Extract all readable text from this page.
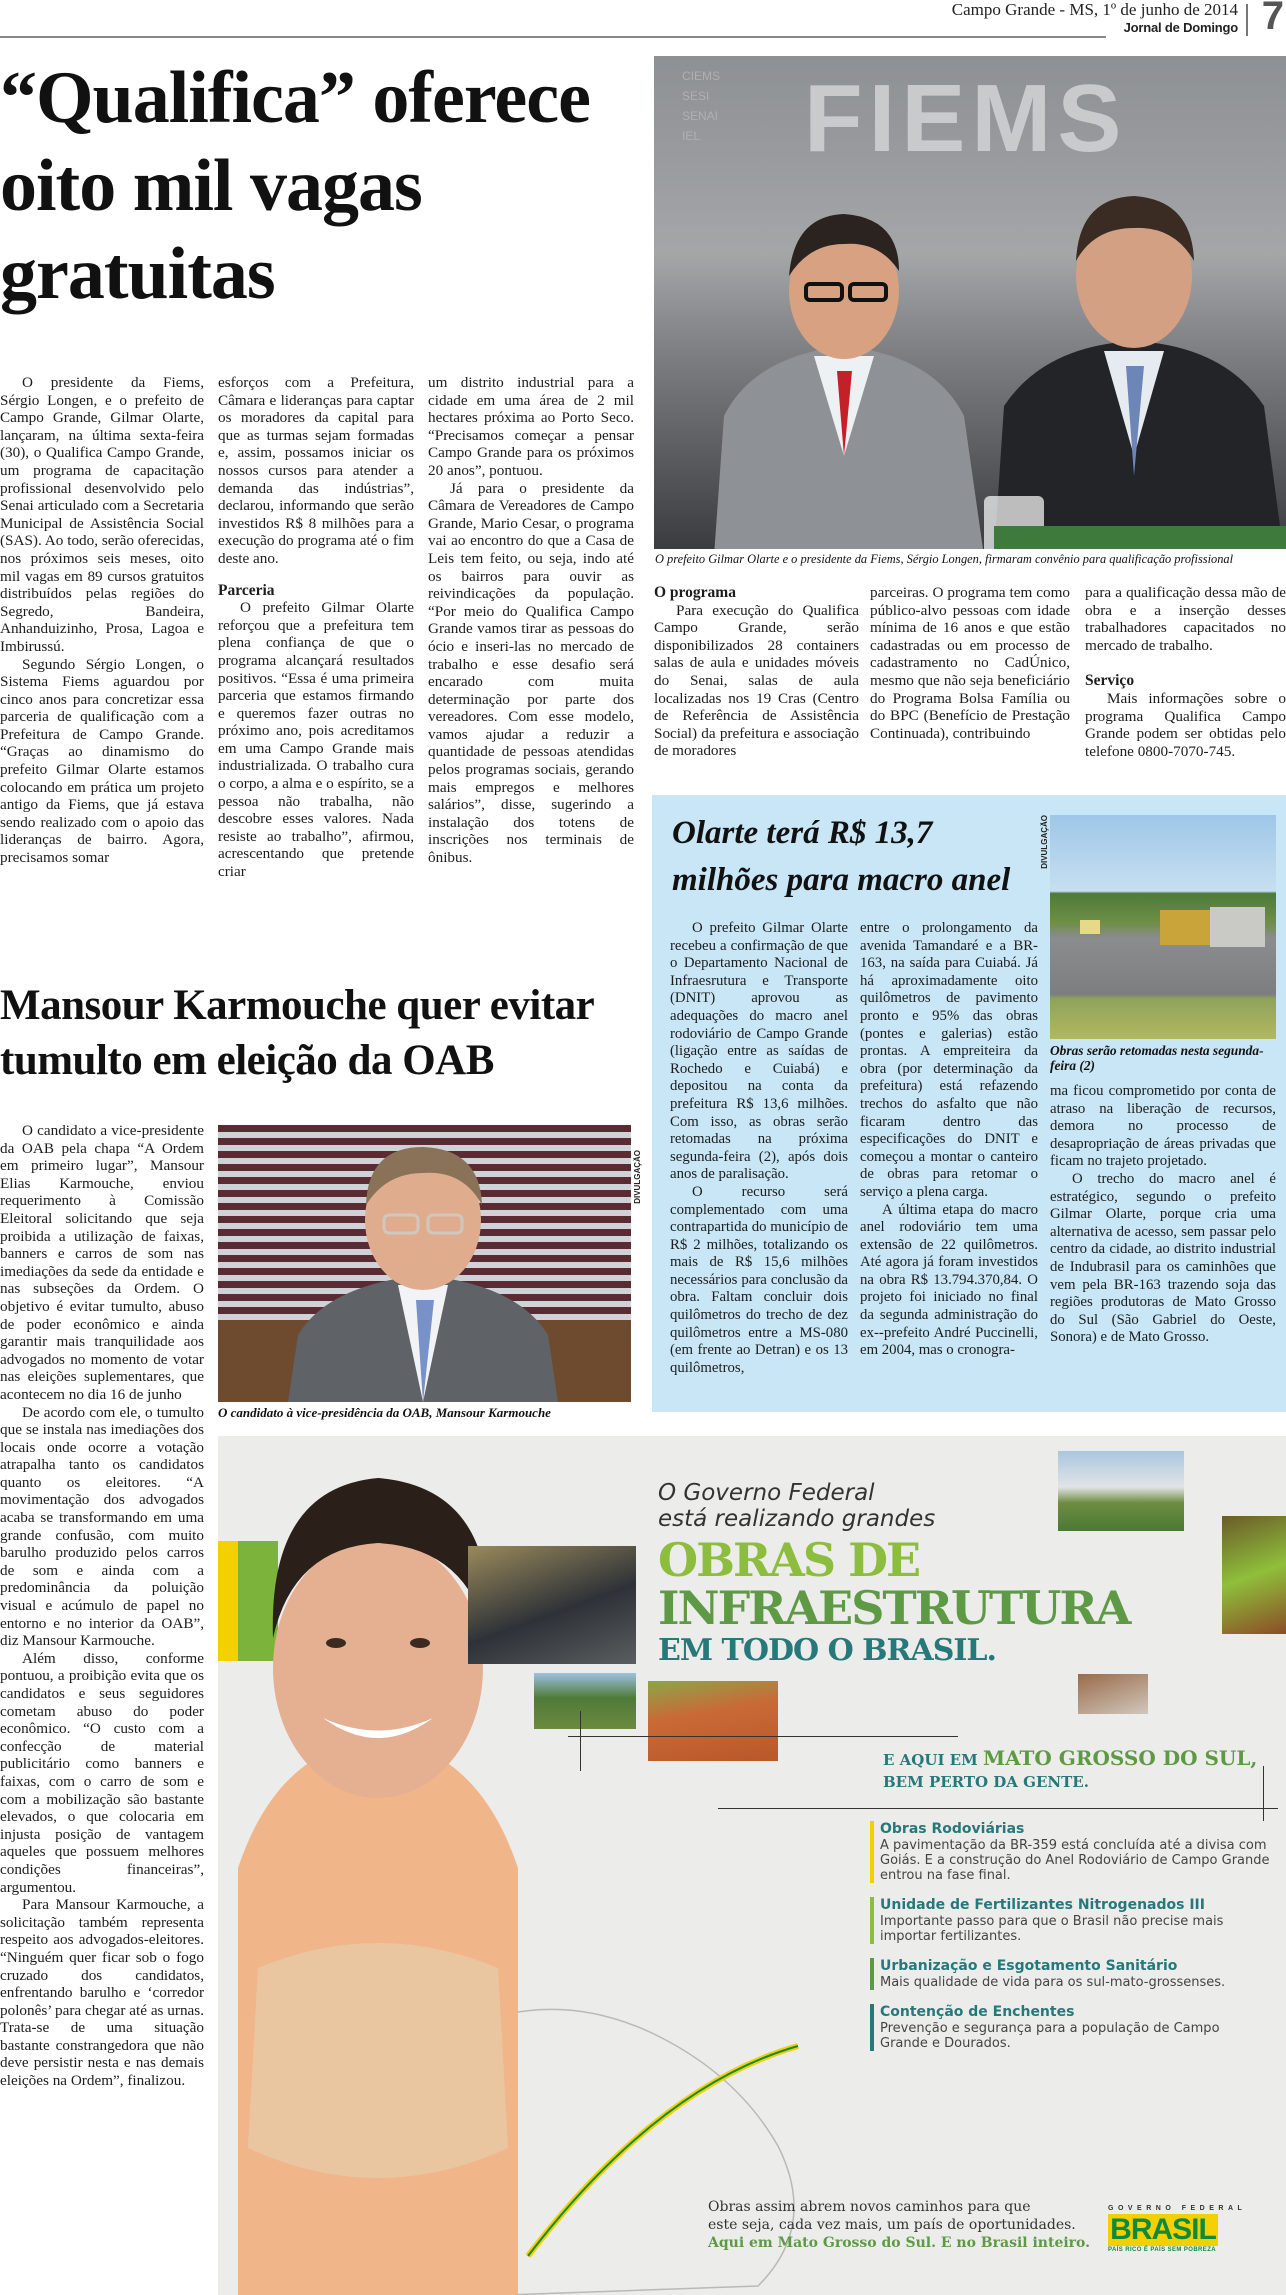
Campo Grande - MS, 1º de junho de 2014
Jornal de Domingo 7
“Qualifica” oferece oito mil vagas gratuitas

O presidente da Fiems, Sérgio Longen, e o prefeito de Campo Grande, Gilmar Olarte, lançaram, na última sexta-feira (30), o Qualifica Campo Grande, um programa de capacitação profissional desenvolvido pelo Senai articulado com a Secretaria Municipal de Assistência Social (SAS). Ao todo, serão oferecidas, nos próximos seis meses, oito mil vagas em 89 cursos gratuitos distribuídos pelas regiões do Segredo, Bandeira, Anhanduizinho, Prosa, Lagoa e Imbirussú.

Segundo Sérgio Longen, o Sistema Fiems aguardou por cinco anos para concretizar essa parceria de qualificação com a Prefeitura de Campo Grande. “Graças ao dinamismo do prefeito Gilmar Olarte estamos colocando em prática um projeto antigo da Fiems, que já estava sendo realizado com o apoio das lideranças de bairro. Agora, precisamos somar

esforços com a Prefeitura, Câmara e lideranças para captar os moradores da capital para que as turmas sejam formadas e, assim, possamos iniciar os nossos cursos para atender a demanda das indústrias”, declarou, informando que serão investidos R$ 8 milhões para a execução do programa até o fim deste ano.

Parceria

O prefeito Gilmar Olarte reforçou que a prefeitura tem plena confiança de que o programa alcançará resultados positivos. “Essa é uma primeira parceria que estamos firmando e queremos fazer outras no próximo ano, pois acreditamos em uma Campo Grande mais industrializada. O trabalho cura o corpo, a alma e o espírito, se a pessoa não trabalha, não descobre esses valores. Nada resiste ao trabalho”, afirmou, acrescentando que pretende criar

um distrito industrial para a cidade em uma área de 2 mil hectares próxima ao Porto Seco. “Precisamos começar a pensar Campo Grande para os próximos 20 anos”, pontuou.

Já para o presidente da Câmara de Vereadores de Campo Grande, Mario Cesar, o programa vai ao encontro do que a Casa de Leis tem feito, ou seja, indo até os bairros para ouvir as reivindicações da população. “Por meio do Qualifica Campo Grande vamos tirar as pessoas do ócio e inseri-las no mercado de trabalho e esse desafio será encarado com muita determinação por parte dos vereadores. Com esse modelo, vamos ajudar a reduzir a quantidade de pessoas atendidas pelos programas sociais, gerando mais empregos e melhores salários”, disse, sugerindo a instalação dos totens de inscrições nos terminais de ônibus.

CIEMS
SESI
SENAI
IEL FIEMS
O prefeito Gilmar Olarte e o presidente da Fiems, Sérgio Longen, firmaram convênio para qualificação profissional
O programa

Para execução do Qualifica Campo Grande, serão disponibilizados 28 containers salas de aula e unidades móveis do Senai, salas de aula localizadas nos 19 Cras (Centro de Referência de Assistência Social) da prefeitura e associação de moradores

parceiras. O programa tem como público-alvo pessoas com idade mínima de 16 anos e que estão cadastradas ou em processo de cadastramento no CadÚnico, mesmo que não seja beneficiário do Programa Bolsa Família ou do BPC (Benefício de Prestação Continuada), contribuindo

para a qualificação dessa mão de obra e a inserção desses trabalhadores capacitados no mercado de trabalho.

Serviço

Mais informações sobre o programa Qualifica Campo Grande podem ser obtidas pelo telefone 0800-7070-745.

Olarte terá R$ 13,7 milhões para macro anel
DIVULGAÇÃO
Obras serão retomadas nesta segunda-feira (2)

ma ficou comprometido por conta de atraso na liberação de recursos, demora no processo de desapropriação de áreas privadas que ficam no trajeto projetado.

O trecho do macro anel é estratégico, segundo o prefeito Gilmar Olarte, porque cria uma alternativa de acesso, sem passar pelo centro da cidade, ao distrito industrial de Indubrasil para os caminhões que vem pela BR-163 trazendo soja das regiões produtoras de Mato Grosso do Sul (São Gabriel do Oeste, Sonora) e de Mato Grosso.

O prefeito Gilmar Olarte recebeu a confirmação de que o Departamento Nacional de Infraesrutura e Transporte (DNIT) aprovou as adequações do macro anel rodoviário de Campo Grande (ligação entre as saídas de Rochedo e Cuiabá) e depositou na conta da prefeitura R$ 13,6 milhões. Com isso, as obras serão retomadas na próxima segunda-feira (2), após dois anos de paralisação.

O recurso será complementado com uma contrapartida do município de R$ 2 milhões, totalizando os mais de R$ 15,6 milhões necessários para conclusão da obra. Faltam concluir dois quilômetros do trecho de dez quilômetros entre a MS-080 (em frente ao Detran) e os 13 quilômetros,

entre o prolongamento da avenida Tamandaré e a BR-163, na saída para Cuiabá. Já há aproximadamente oito quilômetros de pavimento pronto e 95% das obras (pontes e galerias) estão prontas. A empreiteira da obra (por determinação da prefeitura) está refazendo trechos do asfalto que não ficaram dentro das especificações do DNIT e começou a montar o canteiro de obras para retomar o serviço a plena carga.

A última etapa do macro anel rodoviário tem uma extensão de 22 quilômetros. Até agora já foram investidos na obra R$ 13.794.370,84. O projeto foi iniciado no final da segunda administração do ex--prefeito André Puccinelli, em 2004, mas o cronogra-

Mansour Karmouche quer evitar tumulto em eleição da OAB

O candidato a vice-presidente da OAB pela chapa “A Ordem em primeiro lugar”, Mansour Elias Karmouche, enviou requerimento à Comissão Eleitoral solicitando que seja proibida a utilização de faixas, banners e carros de som nas imediações da sede da entidade e nas subseções da Ordem. O objetivo é evitar tumulto, abuso de poder econômico e ainda garantir mais tranquilidade aos advogados no momento de votar nas eleições suplementares, que acontecem no dia 16 de junho

De acordo com ele, o tumulto que se instala nas imediações dos locais onde ocorre a votação atrapalha tanto os candidatos quanto os eleitores. “A movimentação dos advogados acaba se transformando em uma grande confusão, com muito barulho produzido pelos carros de som e ainda com a predominância da poluição visual e acúmulo de papel no entorno e no interior da OAB”, diz Mansour Karmouche.

Além disso, conforme pontuou, a proibição evita que os candidatos e seus seguidores cometam abuso do poder econômico. “O custo com a confecção de material publicitário como banners e faixas, com o carro de som e com a mobilização são bastante elevados, o que colocaria em injusta posição de vantagem aqueles que possuem melhores condições financeiras”, argumentou.

Para Mansour Karmouche, a solicitação também representa respeito aos advogados-eleitores. “Ninguém quer ficar sob o fogo cruzado dos candidatos, enfrentando barulho e ‘corredor polonês’ para chegar até as urnas. Trata-se de uma situação bastante constrangedora que não deve persistir nesta e nas demais eleições na Ordem”, finalizou.

DIVULGAÇÃO
O candidato à vice-presidência da OAB, Mansour Karmouche
O Governo Federal
está realizando grandes
OBRAS DE
INFRAESTRUTURA
EM TODO O BRASIL.
E AQUI EM MATO GROSSO DO SUL,
BEM PERTO DA GENTE.
Obras Rodoviárias
A pavimentação da BR-359 está concluída até a divisa com Goiás. E a construção do Anel Rodoviário de Campo Grande entrou na fase final.
Unidade de Fertilizantes Nitrogenados III
Importante passo para que o Brasil não precise mais importar fertilizantes.
Urbanização e Esgotamento Sanitário
Mais qualidade de vida para os sul-mato-grossenses.
Contenção de Enchentes
Prevenção e segurança para a população de Campo Grande e Dourados.
Obras assim abrem novos caminhos para que
este seja, cada vez mais, um país de oportunidades.
Aqui em Mato Grosso do Sul. E no Brasil inteiro.
GOVERNO FEDERAL
BRASIL
PAÍS RICO É PAÍS SEM POBREZA
